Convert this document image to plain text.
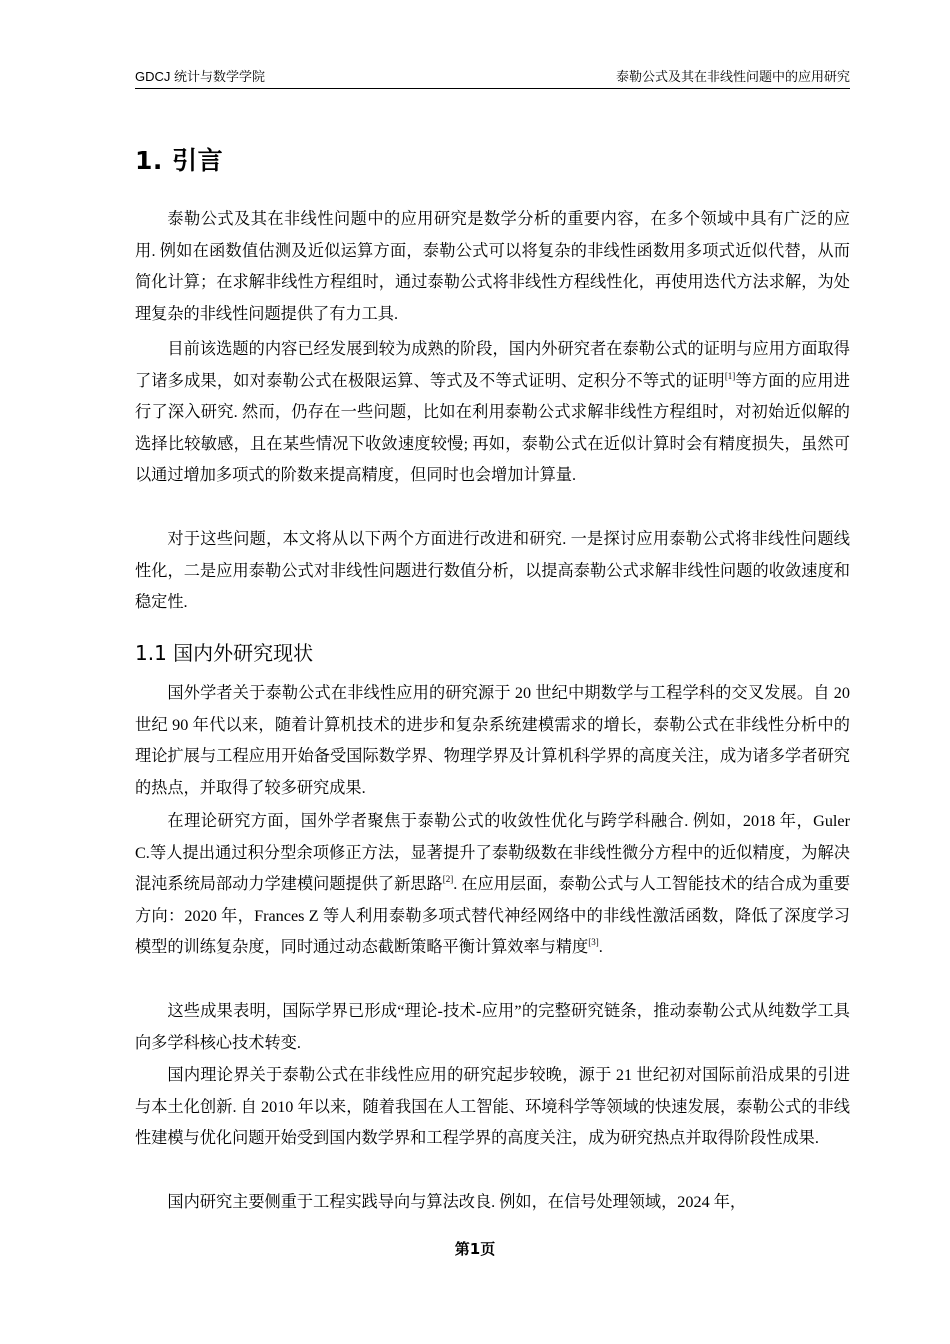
GDCJ 统计与数学学院	泰勒公式及其在非线性问题中的应用研究
1. 引言

泰勒公式及其在非线性问题中的应用研究是数学分析的重要内容，在多个领域中具有广泛的应用. 例如在函数值估测及近似运算方面，泰勒公式可以将复杂的非线性函数用多项式近似代替，从而简化计算；在求解非线性方程组时，通过泰勒公式将非线性方程线性化，再使用迭代方法求解，为处理复杂的非线性问题提供了有力工具.

目前该选题的内容已经发展到较为成熟的阶段，国内外研究者在泰勒公式的证明与应用方面取得了诸多成果，如对泰勒公式在极限运算、等式及不等式证明、定积分不等式的证明[1]等方面的应用进行了深入研究. 然而，仍存在一些问题，比如在利用泰勒公式求解非线性方程组时，对初始近似解的选择比较敏感，且在某些情况下收敛速度较慢; 再如，泰勒公式在近似计算时会有精度损失，虽然可以通过增加多项式的阶数来提高精度，但同时也会增加计算量.

对于这些问题，本文将从以下两个方面进行改进和研究. 一是探讨应用泰勒公式将非线性问题线性化，二是应用泰勒公式对非线性问题进行数值分析，以提高泰勒公式求解非线性问题的收敛速度和稳定性.

1.1 国内外研究现状

国外学者关于泰勒公式在非线性应用的研究源于 20 世纪中期数学与工程学科的交叉发展。自 20 世纪 90 年代以来，随着计算机技术的进步和复杂系统建模需求的增长，泰勒公式在非线性分析中的理论扩展与工程应用开始备受国际数学界、物理学界及计算机科学界的高度关注，成为诸多学者研究的热点，并取得了较多研究成果.

在理论研究方面，国外学者聚焦于泰勒公式的收敛性优化与跨学科融合. 例如，2018 年，Guler C.等人提出通过积分型余项修正方法，显著提升了泰勒级数在非线性微分方程中的近似精度，为解决混沌系统局部动力学建模问题提供了新思路[2]. 在应用层面，泰勒公式与人工智能技术的结合成为重要方向：2020 年，Frances Z 等人利用泰勒多项式替代神经网络中的非线性激活函数，降低了深度学习模型的训练复杂度，同时通过动态截断策略平衡计算效率与精度[3].

这些成果表明，国际学界已形成“理论-技术-应用”的完整研究链条，推动泰勒公式从纯数学工具向多学科核心技术转变.

国内理论界关于泰勒公式在非线性应用的研究起步较晚，源于 21 世纪初对国际前沿成果的引进与本土化创新. 自 2010 年以来，随着我国在人工智能、环境科学等领域的快速发展，泰勒公式的非线性建模与优化问题开始受到国内数学界和工程学界的高度关注，成为研究热点并取得阶段性成果.

国内研究主要侧重于工程实践导向与算法改良. 例如，在信号处理领域，2024 年，

第1页
